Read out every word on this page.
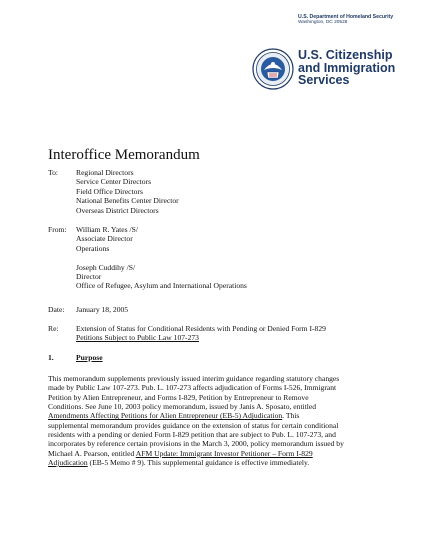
U.S. Department of Homeland Security
Washington, DC 20528
U.S. Citizenship
and Immigration
Services
Interoffice Memorandum
To: Regional Directors
Service Center Directors
Field Office Directors
National Benefits Center Director
Overseas District Directors
From: William R. Yates /S/
Associate Director
Operations
Joseph Cuddihy /S/
Director
Office of Refugee, Asylum and International Operations
Date: January 18, 2005
Re: Extension of Status for Conditional Residents with Pending or Denied Form I-829
Petitions Subject to Public Law 107-273
1.	Purpose
This memorandum supplements previously issued interim guidance regarding statutory changes
made by Public Law 107-273. Pub. L. 107-273 affects adjudication of Forms I-526, Immigrant
Petition by Alien Entrepreneur, and Forms I-829, Petition by Entrepreneur to Remove
Conditions. See June 10, 2003 policy memorandum, issued by Janis A. Sposato, entitled
Amendments Affecting Petitions for Alien Entrepreneur (EB-5) Adjudication. This
supplemental memorandum provides guidance on the extension of status for certain conditional
residents with a pending or denied Form I-829 petition that are subject to Pub. L. 107-273, and
incorporates by reference certain provisions in the March 3, 2000, policy memorandum issued by
Michael A. Pearson, entitled AFM Update: Immigrant Investor Petitioner – Form I-829
Adjudication (EB-5 Memo # 9). This supplemental guidance is effective immediately.
